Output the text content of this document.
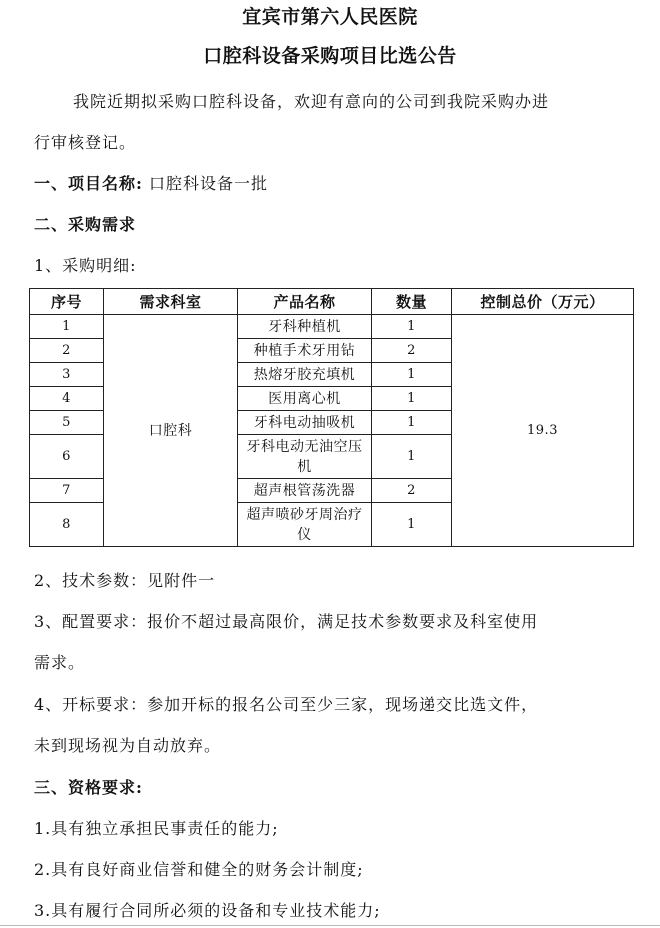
宜宾市第六人民医院
口腔科设备采购项目比选公告
我院近期拟采购口腔科设备，欢迎有意向的公司到我院采购办进
行审核登记。
一、项目名称: 口腔科设备一批
二、采购需求
1、采购明细:
序号	需求科室	产品名称	数量	控制总价（万元）
1	口腔科	牙科种植机	1	19.3
2		种植手术牙用钻	2	
3		热熔牙胶充填机	1	
4		医用离心机	1	
5		牙科电动抽吸机	1	
6		牙科电动无油空压机	1	
7		超声根管荡洗器	2	
8		超声喷砂牙周治疗仪	1	
2、技术参数：见附件一
3、配置要求：报价不超过最高限价，满足技术参数要求及科室使用
需求。
4、开标要求：参加开标的报名公司至少三家，现场递交比选文件，
未到现场视为自动放弃。
三、资格要求:
1.具有独立承担民事责任的能力;
2.具有良好商业信誉和健全的财务会计制度;
3.具有履行合同所必须的设备和专业技术能力;
